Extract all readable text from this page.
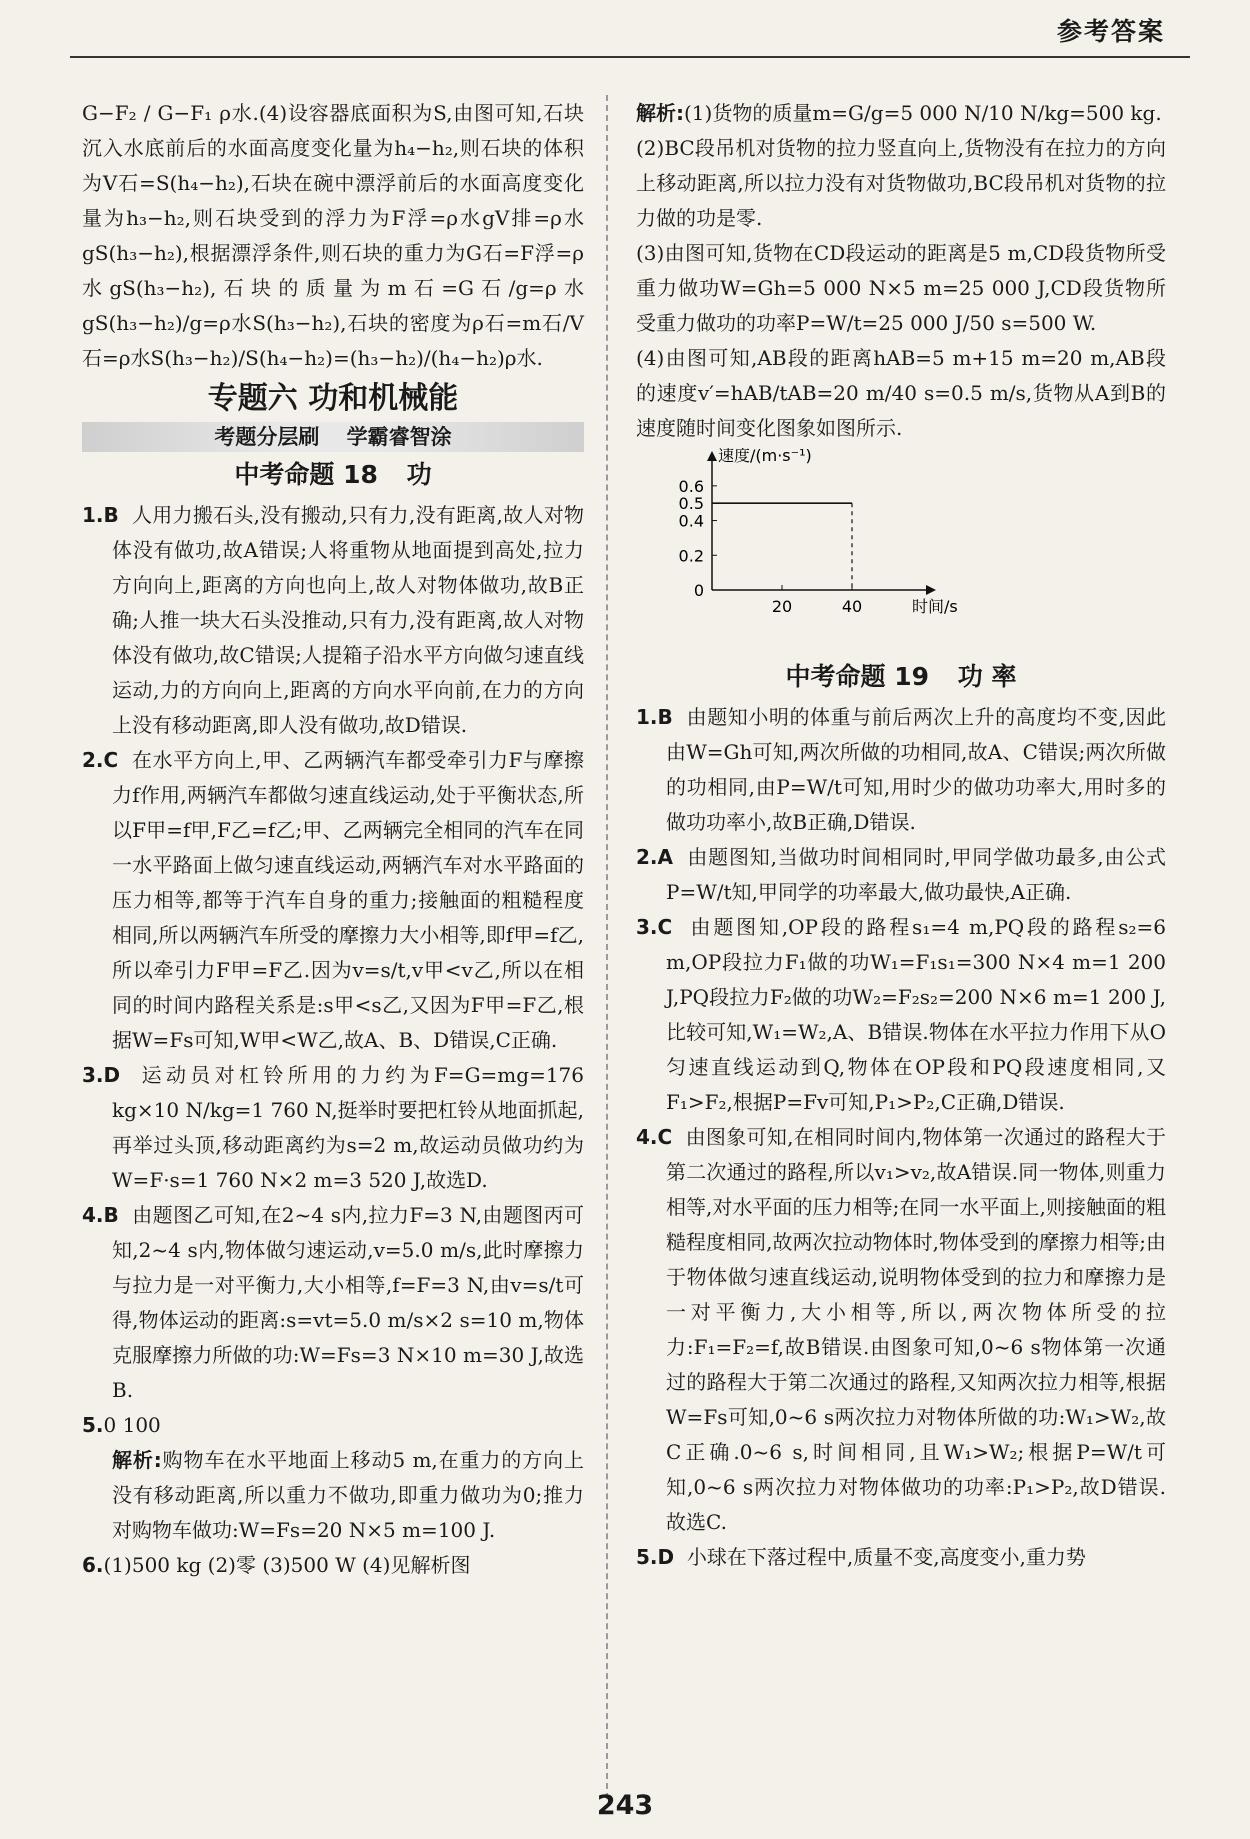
参考答案

G−F₂ / G−F₁ ρ水.(4)设容器底面积为S,由图可知,石块沉入水底前后的水面高度变化量为h₄−h₂,则石块的体积为V石=S(h₄−h₂),石块在碗中漂浮前后的水面高度变化量为h₃−h₂,则石块受到的浮力为F浮=ρ水gV排=ρ水gS(h₃−h₂),根据漂浮条件,则石块的重力为G石=F浮=ρ水gS(h₃−h₂),石块的质量为m石=G石/g=ρ水gS(h₃−h₂)/g=ρ水S(h₃−h₂),石块的密度为ρ石=m石/V石=ρ水S(h₃−h₂)/S(h₄−h₂)=(h₃−h₂)/(h₄−h₂)ρ水.

专题六 功和机械能

考题分层刷 学霸睿智涂

中考命题 18 功

1.B 人用力搬石头,没有搬动,只有力,没有距离,故人对物体没有做功,故A错误;人将重物从地面提到高处,拉力方向向上,距离的方向也向上,故人对物体做功,故B正确;人推一块大石头没推动,只有力,没有距离,故人对物体没有做功,故C错误;人提箱子沿水平方向做匀速直线运动,力的方向向上,距离的方向水平向前,在力的方向上没有移动距离,即人没有做功,故D错误.

2.C 在水平方向上,甲、乙两辆汽车都受牵引力F与摩擦力f作用,两辆汽车都做匀速直线运动,处于平衡状态,所以F甲=f甲,F乙=f乙;甲、乙两辆完全相同的汽车在同一水平路面上做匀速直线运动,两辆汽车对水平路面的压力相等,都等于汽车自身的重力;接触面的粗糙程度相同,所以两辆汽车所受的摩擦力大小相等,即f甲=f乙,所以牵引力F甲=F乙.因为v=s/t,v甲<v乙,所以在相同的时间内路程关系是:s甲<s乙,又因为F甲=F乙,根据W=Fs可知,W甲<W乙,故A、B、D错误,C正确.

3.D 运动员对杠铃所用的力约为F=G=mg=176 kg×10 N/kg=1 760 N,挺举时要把杠铃从地面抓起,再举过头顶,移动距离约为s=2 m,故运动员做功约为W=F·s=1 760 N×2 m=3 520 J,故选D.

4.B 由题图乙可知,在2~4 s内,拉力F=3 N,由题图丙可知,2~4 s内,物体做匀速运动,v=5.0 m/s,此时摩擦力与拉力是一对平衡力,大小相等,f=F=3 N,由v=s/t可得,物体运动的距离:s=vt=5.0 m/s×2 s=10 m,物体克服摩擦力所做的功:W=Fs=3 N×10 m=30 J,故选B.

5.0 100

解析:购物车在水平地面上移动5 m,在重力的方向上没有移动距离,所以重力不做功,即重力做功为0;推力对购物车做功:W=Fs=20 N×5 m=100 J.

6.(1)500 kg (2)零 (3)500 W (4)见解析图

解析:(1)货物的质量m=G/g=5 000 N/10 N/kg=500 kg.

(2)BC段吊机对货物的拉力竖直向上,货物没有在拉力的方向上移动距离,所以拉力没有对货物做功,BC段吊机对货物的拉力做的功是零.

(3)由图可知,货物在CD段运动的距离是5 m,CD段货物所受重力做功W=Gh=5 000 N×5 m=25 000 J,CD段货物所受重力做功的功率P=W/t=25 000 J/50 s=500 W.

(4)由图可知,AB段的距离hAB=5 m+15 m=20 m,AB段的速度v′=hAB/tAB=20 m/40 s=0.5 m/s,货物从A到B的速度随时间变化图象如图所示.

速度/(m·s⁻¹)
时间/s
0.6
0.5
0.4
0.2
0
20	40

中考命题 19 功 率

1.B 由题知小明的体重与前后两次上升的高度均不变,因此由W=Gh可知,两次所做的功相同,故A、C错误;两次所做的功相同,由P=W/t可知,用时少的做功功率大,用时多的做功功率小,故B正确,D错误.

2.A 由题图知,当做功时间相同时,甲同学做功最多,由公式P=W/t知,甲同学的功率最大,做功最快,A正确.

3.C 由题图知,OP段的路程s₁=4 m,PQ段的路程s₂=6 m,OP段拉力F₁做的功W₁=F₁s₁=300 N×4 m=1 200 J,PQ段拉力F₂做的功W₂=F₂s₂=200 N×6 m=1 200 J,比较可知,W₁=W₂,A、B错误.物体在水平拉力作用下从O匀速直线运动到Q,物体在OP段和PQ段速度相同,又F₁>F₂,根据P=Fv可知,P₁>P₂,C正确,D错误.

4.C 由图象可知,在相同时间内,物体第一次通过的路程大于第二次通过的路程,所以v₁>v₂,故A错误.同一物体,则重力相等,对水平面的压力相等;在同一水平面上,则接触面的粗糙程度相同,故两次拉动物体时,物体受到的摩擦力相等;由于物体做匀速直线运动,说明物体受到的拉力和摩擦力是一对平衡力,大小相等,所以,两次物体所受的拉力:F₁=F₂=f,故B错误.由图象可知,0~6 s物体第一次通过的路程大于第二次通过的路程,又知两次拉力相等,根据W=Fs可知,0~6 s两次拉力对物体所做的功:W₁>W₂,故C正确.0~6 s,时间相同,且W₁>W₂;根据P=W/t可知,0~6 s两次拉力对物体做功的功率:P₁>P₂,故D错误.故选C.

5.D 小球在下落过程中,质量不变,高度变小,重力势

243
